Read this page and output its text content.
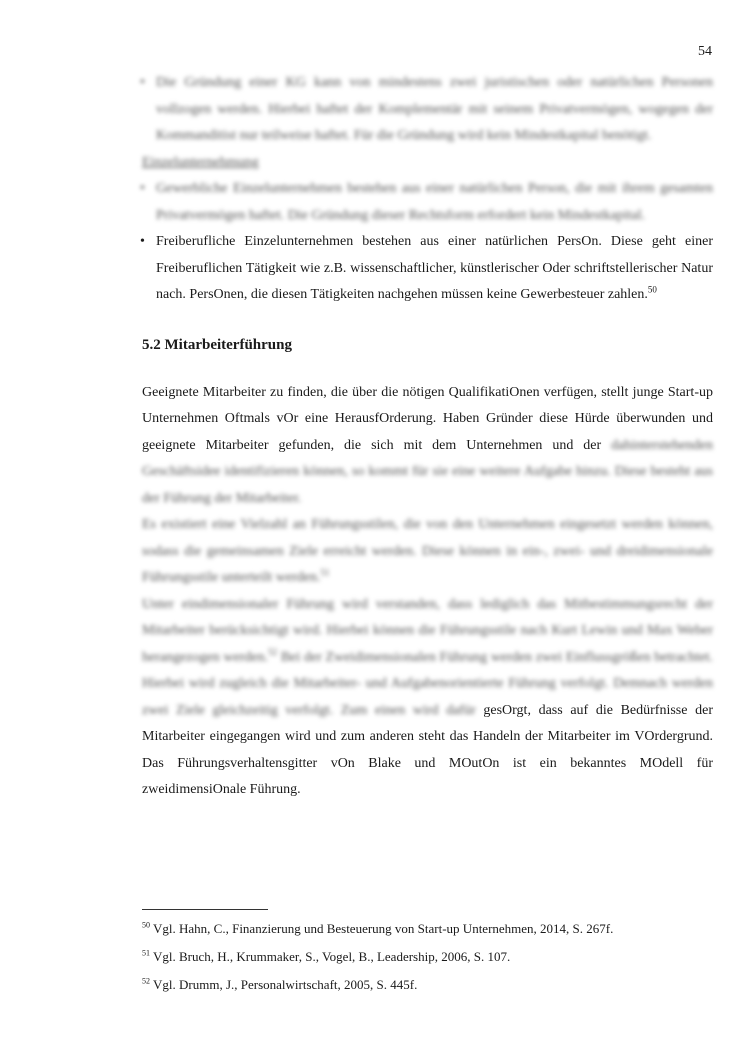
54
• Die Gründung einer KG kann von mindestens zwei juristischen oder natürlichen Personen vollzogen werden. Hierbei haftet der Komplementär mit seinem Privatvermögen, wogegen der Kommanditist nur teilweise haftet. Für die Gründung wird kein Mindestkapital benötigt.
Einzelunternehmung
• Gewerbliche Einzelunternehmen bestehen aus einer natürlichen Person, die mit ihrem gesamten Privatvermögen haftet. Die Gründung dieser Rechtsform erfordert kein Mindestkapital.
• Freiberufliche Einzelunternehmen bestehen aus einer natürlichen PersOn. Diese geht einer Freiberuflichen Tätigkeit wie z.B. wissenschaftlicher, künstlerischer Oder schriftstellerischer Natur nach. PersOnen, die diesen Tätigkeiten nachgehen müssen keine Gewerbesteuer zahlen.$^{50}$
5.2 Mitarbeiterführung

Geeignete Mitarbeiter zu finden, die über die nötigen QualifikatiOnen verfügen, stellt junge Start-up Unternehmen Oftmals vOr eine HerausfOrderung. Haben Gründer diese Hürde überwunden und geeignete Mitarbeiter gefunden, die sich mit dem Unternehmen und der dahinterstehenden Geschäftsidee identifizieren können, so kommt für sie eine weitere Aufgabe hinzu. Diese besteht aus der Führung der Mitarbeiter.

Es existiert eine Vielzahl an Führungsstilen, die von den Unternehmen eingesetzt werden können, sodass die gemeinsamen Ziele erreicht werden. Diese können in ein-, zwei- und dreidimensionale Führungsstile unterteilt werden.$^{51}$

Unter eindimensionaler Führung wird verstanden, dass lediglich das Mitbestimmungsrecht der Mitarbeiter berücksichtigt wird. Hierbei können die Führungsstile nach Kurt Lewin und Max Weber herangezogen werden.$^{52}$ Bei der Zweidimensionalen Führung werden zwei Einflussgrößen betrachtet. Hierbei wird zugleich die Mitarbeiter- und Aufgabenorientierte Führung verfolgt. Demnach werden zwei Ziele gleichzeitig verfolgt. Zum einen wird dafür gesOrgt, dass auf die Bedürfnisse der Mitarbeiter eingegangen wird und zum anderen steht das Handeln der Mitarbeiter im VOrdergrund. Das Führungsverhaltensgitter vOn Blake und MOutOn ist ein bekanntes MOdell für zweidimensiOnale Führung.

$^{50}$ Vgl. Hahn, C., Finanzierung und Besteuerung von Start-up Unternehmen, 2014, S. 267f.
$^{51}$ Vgl. Bruch, H., Krummaker, S., Vogel, B., Leadership, 2006, S. 107.
$^{52}$ Vgl. Drumm, J., Personalwirtschaft, 2005, S. 445f.
